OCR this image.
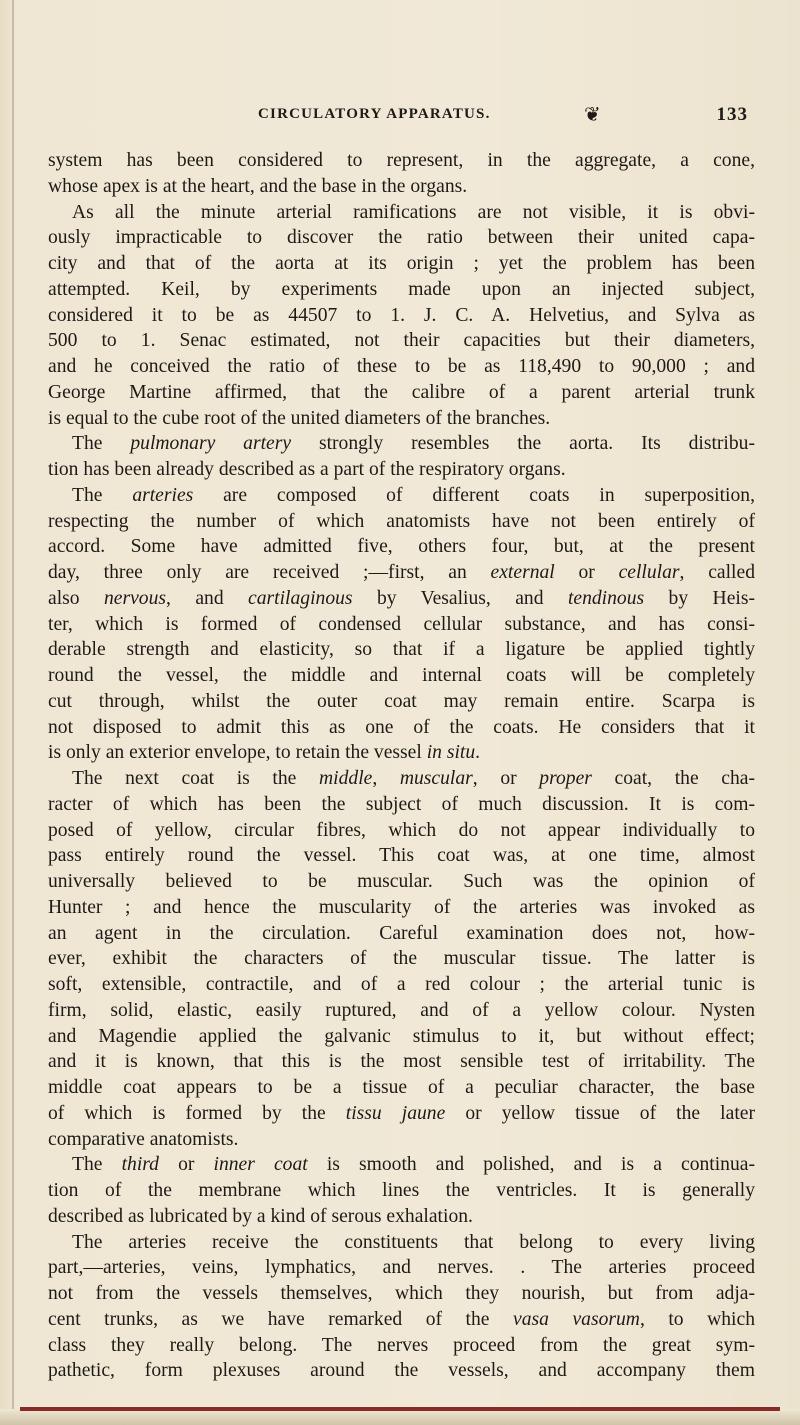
CIRCULATORY APPARATUS.	❦	133
system has been considered to represent, in the aggregate, a cone,
whose apex is at the heart, and the base in the organs.
As all the minute arterial ramifications are not visible, it is obvi-
ously impracticable to discover the ratio between their united capa-
city and that of the aorta at its origin ; yet the problem has been
attempted. Keil, by experiments made upon an injected subject,
considered it to be as 44507 to 1. J. C. A. Helvetius, and Sylva as
500 to 1. Senac estimated, not their capacities but their diameters,
and he conceived the ratio of these to be as 118,490 to 90,000 ; and
George Martine affirmed, that the calibre of a parent arterial trunk
is equal to the cube root of the united diameters of the branches.
The pulmonary artery strongly resembles the aorta. Its distribu-
tion has been already described as a part of the respiratory organs.
The arteries are composed of different coats in superposition,
respecting the number of which anatomists have not been entirely of
accord. Some have admitted five, others four, but, at the present
day, three only are received ;—first, an external or cellular, called
also nervous, and cartilaginous by Vesalius, and tendinous by Heis-
ter, which is formed of condensed cellular substance, and has consi-
derable strength and elasticity, so that if a ligature be applied tightly
round the vessel, the middle and internal coats will be completely
cut through, whilst the outer coat may remain entire. Scarpa is
not disposed to admit this as one of the coats. He considers that it
is only an exterior envelope, to retain the vessel in situ.
The next coat is the middle, muscular, or proper coat, the cha-
racter of which has been the subject of much discussion. It is com-
posed of yellow, circular fibres, which do not appear individually to
pass entirely round the vessel. This coat was, at one time, almost
universally believed to be muscular. Such was the opinion of
Hunter ; and hence the muscularity of the arteries was invoked as
an agent in the circulation. Careful examination does not, how-
ever, exhibit the characters of the muscular tissue. The latter is
soft, extensible, contractile, and of a red colour ; the arterial tunic is
firm, solid, elastic, easily ruptured, and of a yellow colour. Nysten
and Magendie applied the galvanic stimulus to it, but without effect;
and it is known, that this is the most sensible test of irritability. The
middle coat appears to be a tissue of a peculiar character, the base
of which is formed by the tissu jaune or yellow tissue of the later
comparative anatomists.
The third or inner coat is smooth and polished, and is a continua-
tion of the membrane which lines the ventricles. It is generally
described as lubricated by a kind of serous exhalation.
The arteries receive the constituents that belong to every living
part,—arteries, veins, lymphatics, and nerves. . The arteries proceed
not from the vessels themselves, which they nourish, but from adja-
cent trunks, as we have remarked of the vasa vasorum, to which
class they really belong. The nerves proceed from the great sym-
pathetic, form plexuses around the vessels, and accompany them
